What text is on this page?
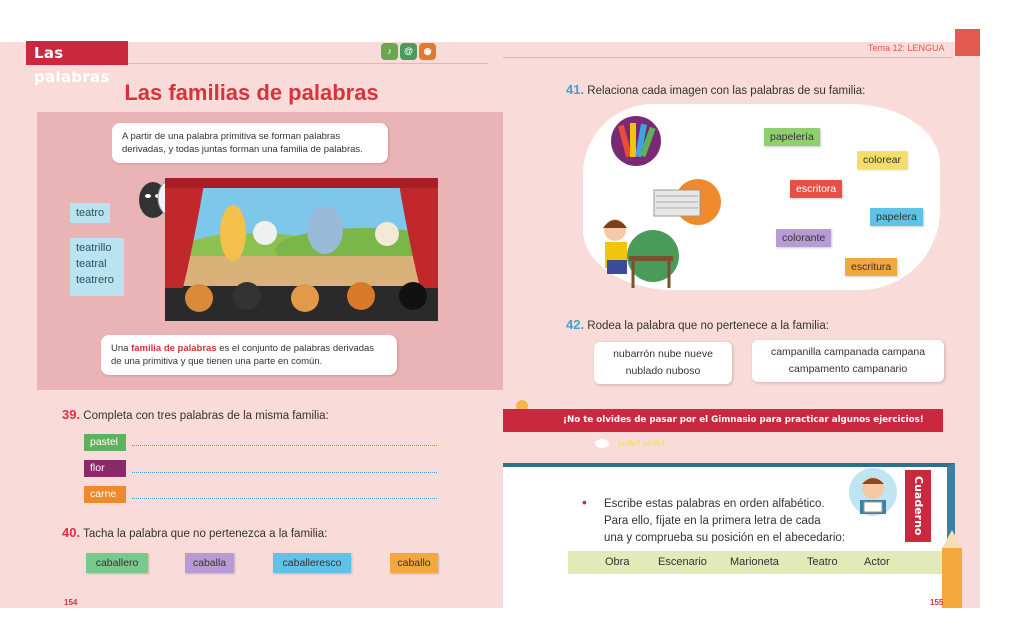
Las palabras
♪	@	◉	Tema 12: LENGUA
Las familias de palabras
A partir de una palabra primitiva se forman palabras derivadas, y todas juntas forman una familia de palabras.
teatro
teatrillo
teatral
teatrero
Una familia de palabras es el conjunto de palabras derivadas de una primitiva y que tienen una parte en común.
39. Completa con tres palabras de la misma familia:
pastel
flor
carne
40. Tacha la palabra que no pertenezca a la familia:
caballero	caballa	caballeresco	caballo
154
41. Relaciona cada imagen con las palabras de su familia:
papelería
colorear
escritora
papelera
colorante
escritura
42. Rodea la palabra que no pertenece a la familia:
nubarrón nube nueve
nublado nuboso
campanilla campanada campana
campamento campanario
¡No te olvides de pasar por el Gimnasio para practicar algunos ejercicios!  ¡clic! ¡clic!
• Escribe estas palabras en orden alfabético.
Para ello, fíjate en la primera letra de cada
una y comprueba su posición en el abecedario:
Obra	Escenario Marioneta	Teatro Actor
Cuaderno
155
